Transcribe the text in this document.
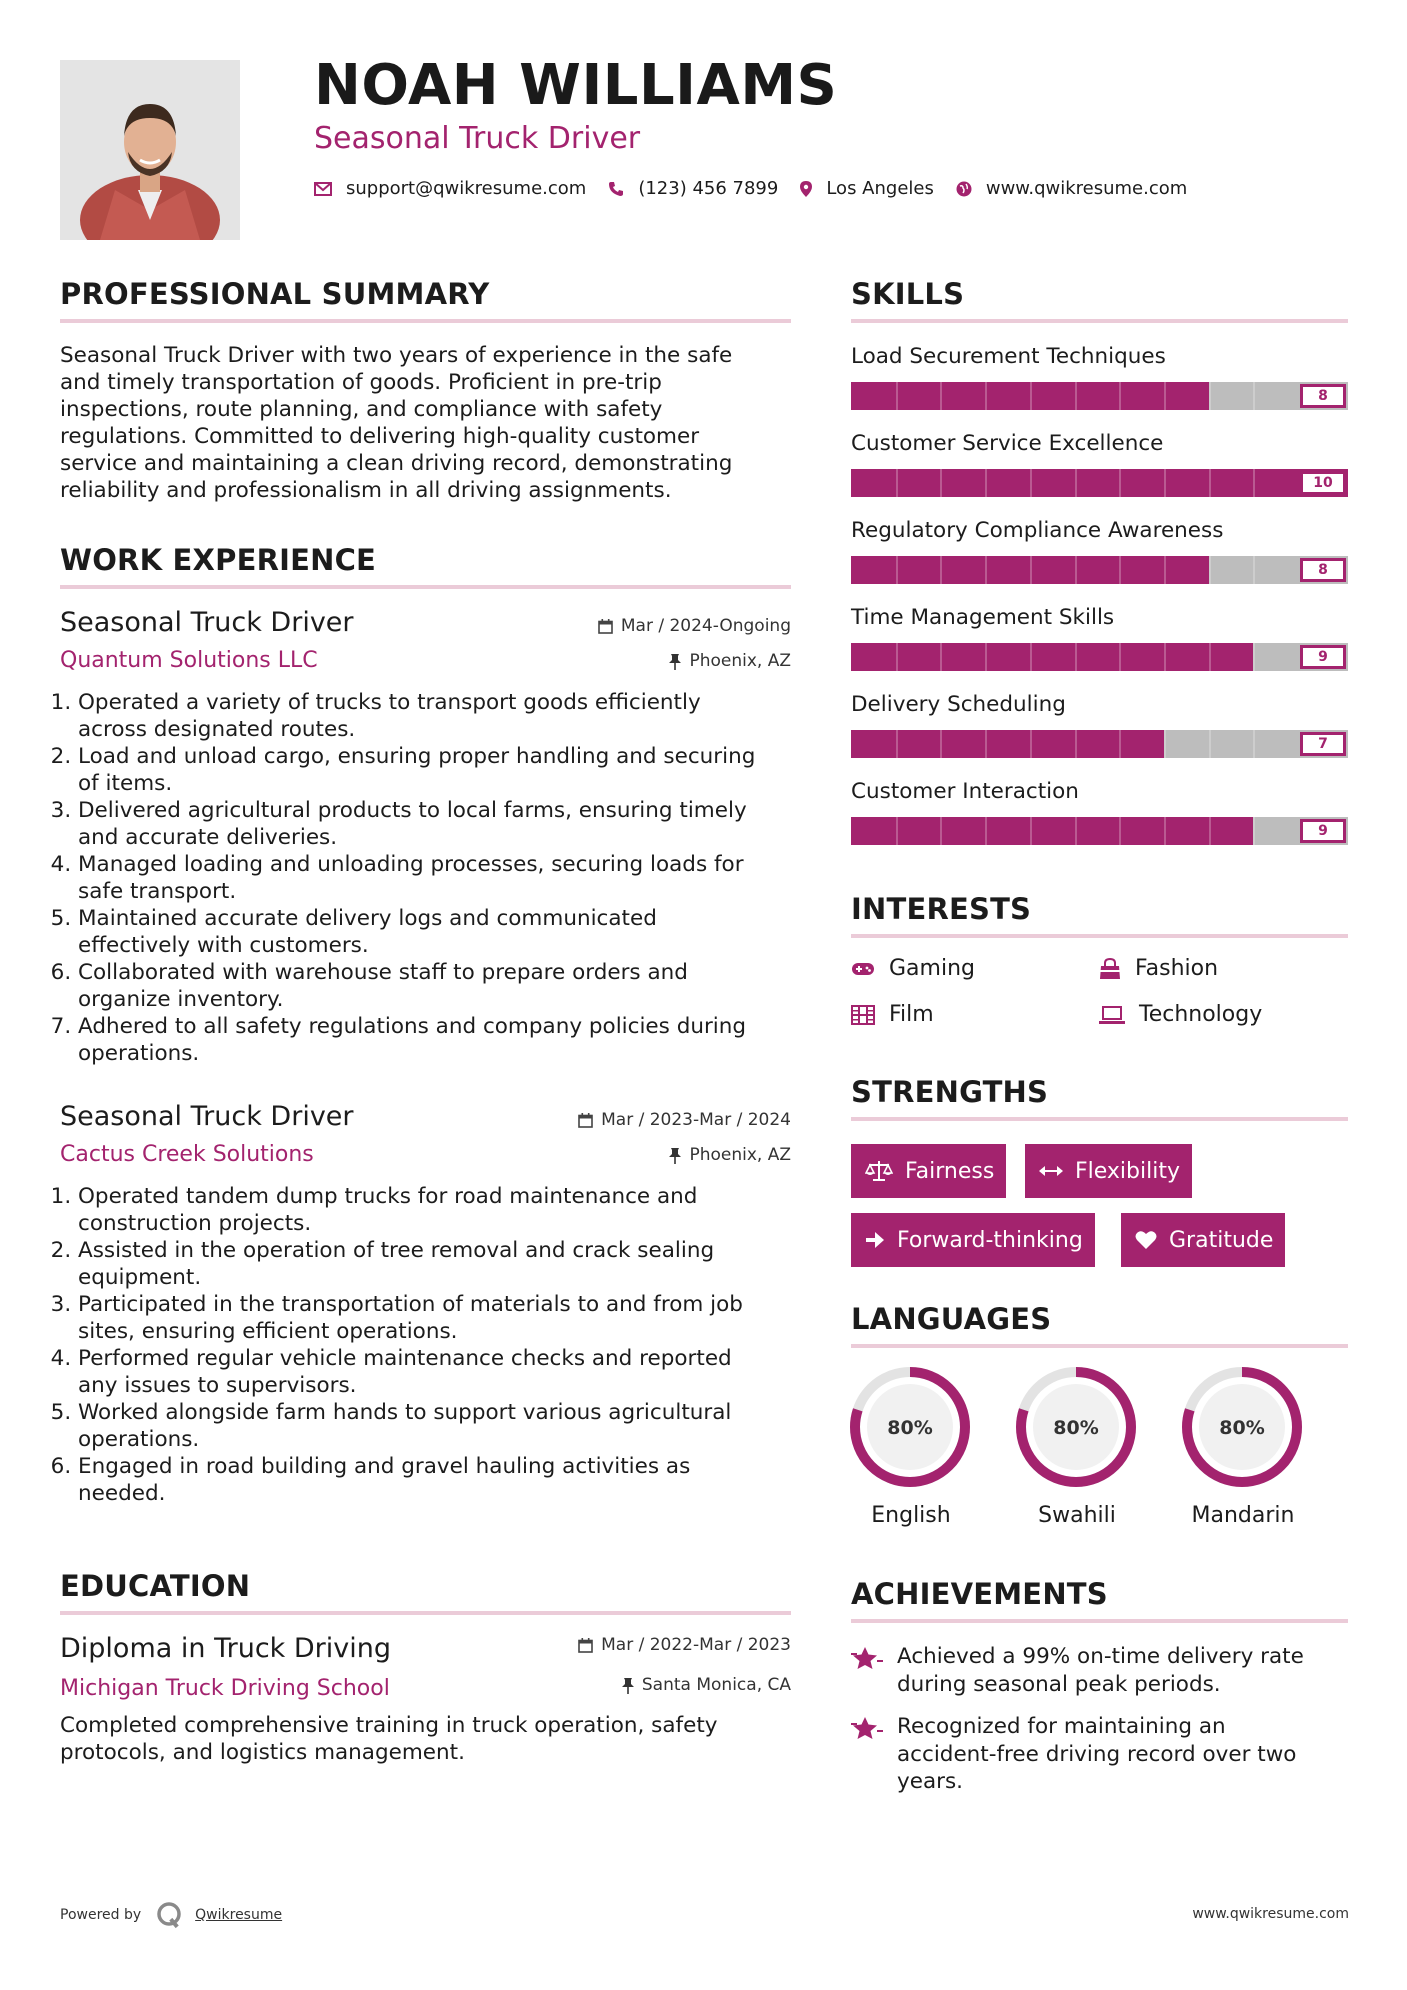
NOAH WILLIAMS
Seasonal Truck Driver
support@qwikresume.com	(123) 456 7899	Los Angeles	www.qwikresume.com
PROFESSIONAL SUMMARY
Seasonal Truck Driver with two years of experience in the safe
and timely transportation of goods. Proficient in pre-trip
inspections, route planning, and compliance with safety
regulations. Committed to delivering high-quality customer
service and maintaining a clean driving record, demonstrating
reliability and professionalism in all driving assignments.
WORK EXPERIENCE
Seasonal Truck Driver
Quantum Solutions LLC
Mar / 2024-Ongoing
Phoenix, AZ
1. Operated a variety of trucks to transport goods efficiently
across designated routes.
2. Load and unload cargo, ensuring proper handling and securing
of items.
3. Delivered agricultural products to local farms, ensuring timely
and accurate deliveries.
4. Managed loading and unloading processes, securing loads for
safe transport.
5. Maintained accurate delivery logs and communicated
effectively with customers.
6. Collaborated with warehouse staff to prepare orders and
organize inventory.
7. Adhered to all safety regulations and company policies during
operations.
Seasonal Truck Driver
Cactus Creek Solutions
Mar / 2023-Mar / 2024
Phoenix, AZ
1. Operated tandem dump trucks for road maintenance and
construction projects.
2. Assisted in the operation of tree removal and crack sealing
equipment.
3. Participated in the transportation of materials to and from job
sites, ensuring efficient operations.
4. Performed regular vehicle maintenance checks and reported
any issues to supervisors.
5. Worked alongside farm hands to support various agricultural
operations.
6. Engaged in road building and gravel hauling activities as
needed.
EDUCATION
Diploma in Truck Driving
Michigan Truck Driving School
Mar / 2022-Mar / 2023
Santa Monica, CA
Completed comprehensive training in truck operation, safety
protocols, and logistics management.
SKILLS
Load Securement Techniques
8
Customer Service Excellence
10
Regulatory Compliance Awareness
8
Time Management Skills
9
Delivery Scheduling
7
Customer Interaction
9
INTERESTS
Gaming	Fashion
Film	Technology
STRENGTHS
Fairness	Flexibility
Forward-thinking	Gratitude
LANGUAGES
80%	80%	80%
English	Swahili	Mandarin
ACHIEVEMENTS
Achieved a 99% on-time delivery rate
during seasonal peak periods.
Recognized for maintaining an
accident-free driving record over two
years.
Powered by	Qwikresume	www.qwikresume.com
